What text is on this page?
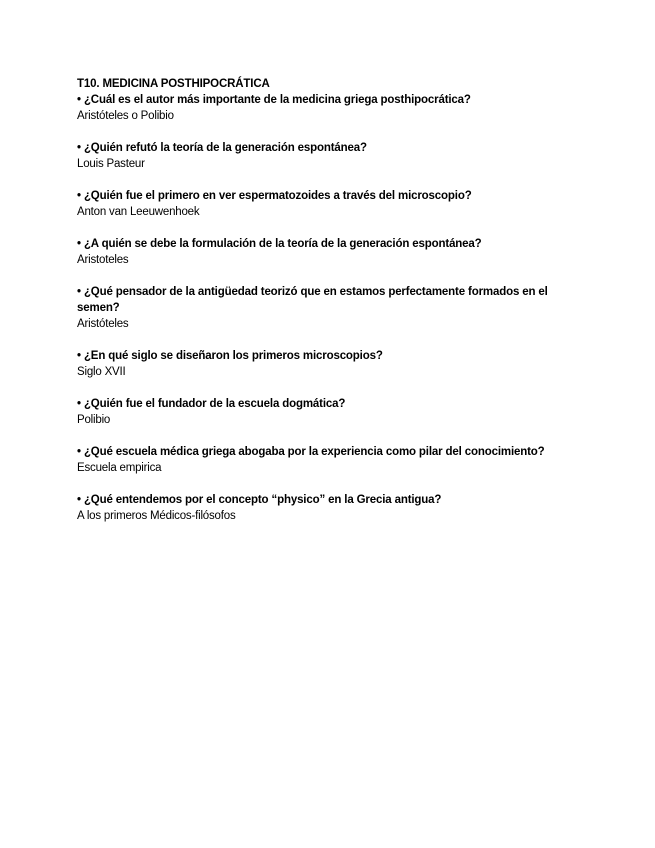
T10. MEDICINA POSTHIPOCRÁTICA

• ¿Cuál es el autor más importante de la medicina griega posthipocrática?

Aristóteles o Polibio

• ¿Quién refutó la teoría de la generación espontánea?

Louis Pasteur

• ¿Quién fue el primero en ver espermatozoides a través del microscopio?

Anton van Leeuwenhoek

• ¿A quién se debe la formulación de la teoría de la generación espontánea?

Aristoteles

• ¿Qué pensador de la antigüedad teorizó que en estamos perfectamente formados en el semen?

Aristóteles

• ¿En qué siglo se diseñaron los primeros microscopios?

Siglo XVII

• ¿Quién fue el fundador de la escuela dogmática?

Polibio

• ¿Qué escuela médica griega abogaba por la experiencia como pilar del conocimiento?

Escuela empirica

• ¿Qué entendemos por el concepto “physico” en la Grecia antigua?

A los primeros Médicos-filósofos
